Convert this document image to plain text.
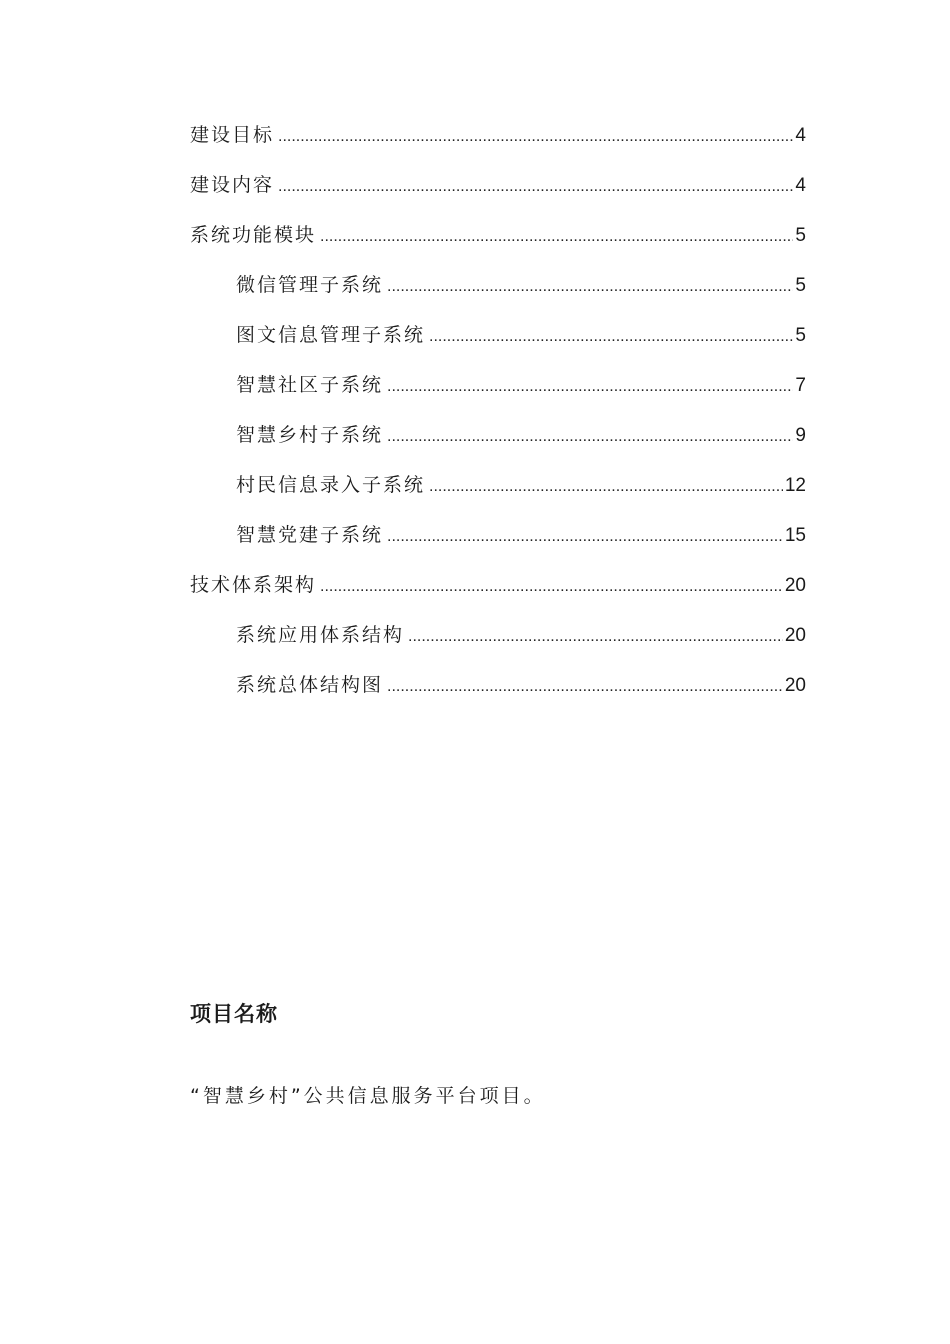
建设目标 .....	4
建设内容 .....	4
系统功能模块 .....	5
微信管理子系统 .....	5
图文信息管理子系统 .....	5
智慧社区子系统 .....	7
智慧乡村子系统 .....	9
村民信息录入子系统 .....	12
智慧党建子系统 .....	15
技术体系架构 .....	20
系统应用体系结构 .....	20
系统总体结构图 .....	20
项目名称

“智慧乡村”公共信息服务平台项目。
